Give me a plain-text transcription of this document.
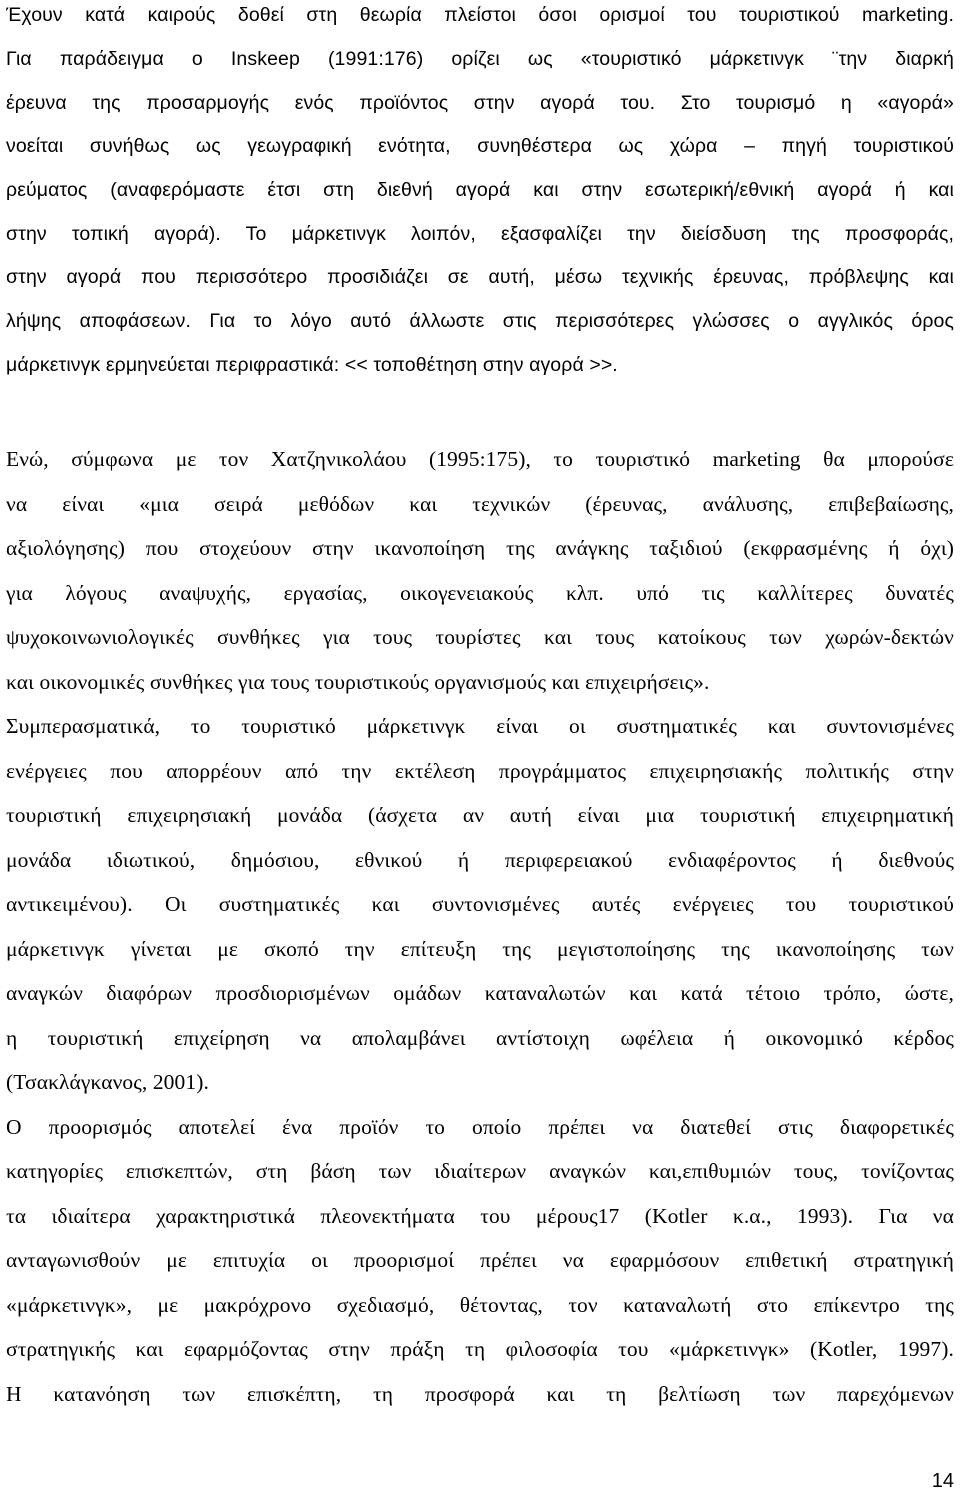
Έχουν κατά καιρούς δοθεί στη θεωρία πλείστοι όσοι ορισμοί του τουριστικού marketing.
Για παράδειγμα ο Inskeep (1991:176) ορίζει ως «τουριστικό μάρκετινγκ ¨την διαρκή
έρευνα της προσαρμογής ενός προϊόντος στην αγορά του. Στο τουρισμό η «αγορά»
νοείται συνήθως ως γεωγραφική ενότητα, συνηθέστερα ως χώρα – πηγή τουριστικού
ρεύματος (αναφερόμαστε έτσι στη διεθνή αγορά και στην εσωτερική/εθνική αγορά ή και
στην τοπική αγορά). Το μάρκετινγκ λοιπόν, εξασφαλίζει την διείσδυση της προσφοράς,
στην αγορά που περισσότερο προσιδιάζει σε αυτή, μέσω τεχνικής έρευνας, πρόβλεψης και
λήψης αποφάσεων. Για το λόγο αυτό άλλωστε στις περισσότερες γλώσσες ο αγγλικός όρος
μάρκετινγκ ερμηνεύεται περιφραστικά: << τοποθέτηση στην αγορά >>.
Ενώ, σύμφωνα με τον Χατζηνικολάου (1995:175), το τουριστικό marketing θα μπορούσε
να είναι «μια σειρά μεθόδων και τεχνικών (έρευνας, ανάλυσης, επιβεβαίωσης,
αξιολόγησης) που στοχεύουν στην ικανοποίηση της ανάγκης ταξιδιού (εκφρασμένης ή όχι)
για λόγους αναψυχής, εργασίας, οικογενειακούς κλπ. υπό τις καλλίτερες δυνατές
ψυχοκοινωνιολογικές συνθήκες για τους τουρίστες και τους κατοίκους των χωρών-δεκτών
και οικονομικές συνθήκες για τους τουριστικούς οργανισμούς και επιχειρήσεις».
Συμπερασματικά, το τουριστικό μάρκετινγκ είναι οι συστηματικές και συντονισμένες
ενέργειες που απορρέουν από την εκτέλεση προγράμματος επιχειρησιακής πολιτικής στην
τουριστική επιχειρησιακή μονάδα (άσχετα αν αυτή είναι μια τουριστική επιχειρηματική
μονάδα ιδιωτικού, δημόσιου, εθνικού ή περιφερειακού ενδιαφέροντος ή διεθνούς
αντικειμένου). Οι συστηματικές και συντονισμένες αυτές ενέργειες του τουριστικού
μάρκετινγκ γίνεται με σκοπό την επίτευξη της μεγιστοποίησης της ικανοποίησης των
αναγκών διαφόρων προσδιορισμένων ομάδων καταναλωτών και κατά τέτοιο τρόπο, ώστε,
η τουριστική επιχείρηση να απολαμβάνει αντίστοιχη ωφέλεια ή οικονομικό κέρδος
(Τσακλάγκανος, 2001).
Ο προορισμός αποτελεί ένα προϊόν το οποίο πρέπει να διατεθεί στις διαφορετικές
κατηγορίες επισκεπτών, στη βάση των ιδιαίτερων αναγκών και,επιθυμιών τους, τονίζοντας
τα ιδιαίτερα χαρακτηριστικά πλεονεκτήματα του μέρους17 (Kotler κ.α., 1993). Για να
ανταγωνισθούν με επιτυχία οι προορισμοί πρέπει να εφαρμόσουν επιθετική στρατηγική
«μάρκετινγκ», με μακρόχρονο σχεδιασμό, θέτοντας, τον καταναλωτή στο επίκεντρο της
στρατηγικής και εφαρμόζοντας στην πράξη τη φιλοσοφία του «μάρκετινγκ» (Kotler, 1997).
Η κατανόηση των επισκέπτη, τη προσφορά και τη βελτίωση των παρεχόμενων
14
